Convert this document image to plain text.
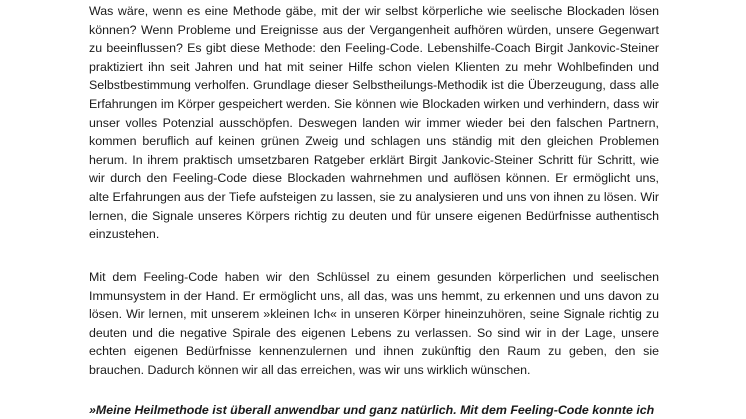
Was wäre, wenn es eine Methode gäbe, mit der wir selbst körperliche wie seelische Blockaden lösen können? Wenn Probleme und Ereignisse aus der Vergangenheit aufhören würden, unsere Gegenwart zu beeinflussen? Es gibt diese Methode: den Feeling-Code. Lebenshilfe-Coach Birgit Jankovic-Steiner praktiziert ihn seit Jahren und hat mit seiner Hilfe schon vielen Klienten zu mehr Wohlbefinden und Selbstbestimmung verholfen. Grundlage dieser Selbstheilungs-Methodik ist die Überzeugung, dass alle Erfahrungen im Körper gespeichert werden. Sie können wie Blockaden wirken und verhindern, dass wir unser volles Potenzial ausschöpfen. Deswegen landen wir immer wieder bei den falschen Partnern, kommen beruflich auf keinen grünen Zweig und schlagen uns ständig mit den gleichen Problemen herum. In ihrem praktisch umsetzbaren Ratgeber erklärt Birgit Jankovic-Steiner Schritt für Schritt, wie wir durch den Feeling-Code diese Blockaden wahrnehmen und auflösen können. Er ermöglicht uns, alte Erfahrungen aus der Tiefe aufsteigen zu lassen, sie zu analysieren und uns von ihnen zu lösen. Wir lernen, die Signale unseres Körpers richtig zu deuten und für unsere eigenen Bedürfnisse authentisch einzustehen.

Mit dem Feeling-Code haben wir den Schlüssel zu einem gesunden körperlichen und seelischen Immunsystem in der Hand. Er ermöglicht uns, all das, was uns hemmt, zu erkennen und uns davon zu lösen. Wir lernen, mit unserem »kleinen Ich« in unseren Körper hineinzuhören, seine Signale richtig zu deuten und die negative Spirale des eigenen Lebens zu verlassen. So sind wir in der Lage, unsere echten eigenen Bedürfnisse kennenzulernen und ihnen zukünftig den Raum zu geben, den sie brauchen. Dadurch können wir all das erreichen, was wir uns wirklich wünschen.

»Meine Heilmethode ist überall anwendbar und ganz natürlich. Mit dem Feeling-Code konnte ich
